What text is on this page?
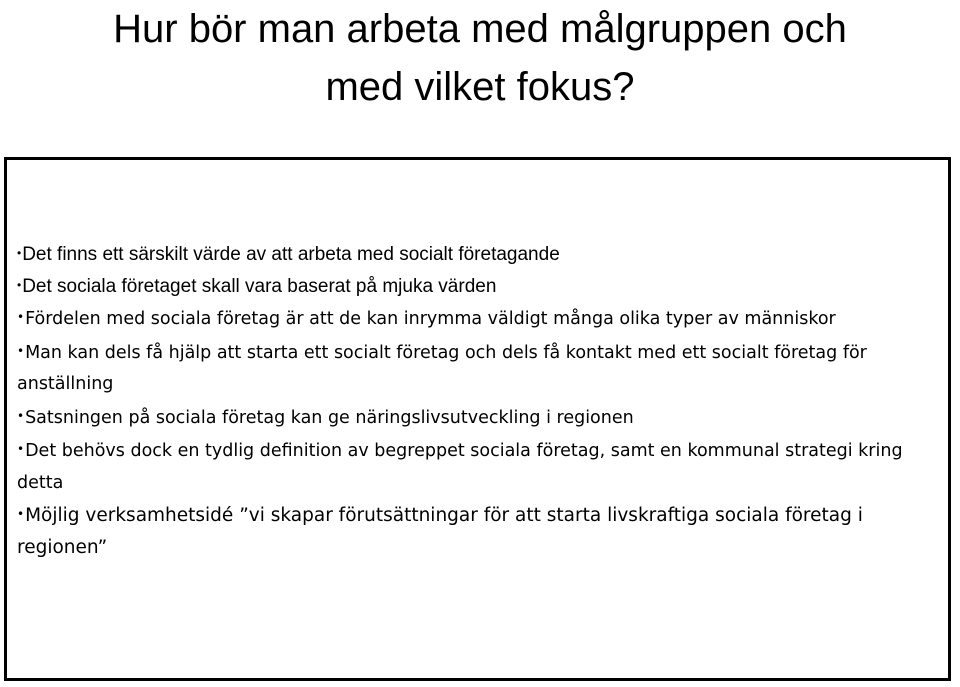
Hur bör man arbeta med målgruppen och
med vilket fokus?
•Det finns ett särskilt värde av att arbeta med socialt företagande
•Det sociala företaget skall vara baserat på mjuka värden
•Fördelen med sociala företag är att de kan inrymma väldigt många olika typer av människor
•Man kan dels få hjälp att starta ett socialt företag och dels få kontakt med ett socialt företag för anställning
•Satsningen på sociala företag kan ge näringslivsutveckling i regionen
•Det behövs dock en tydlig definition av begreppet sociala företag, samt en kommunal strategi kring detta
•Möjlig verksamhetsidé ”vi skapar förutsättningar för att starta livskraftiga sociala företag i regionen”
